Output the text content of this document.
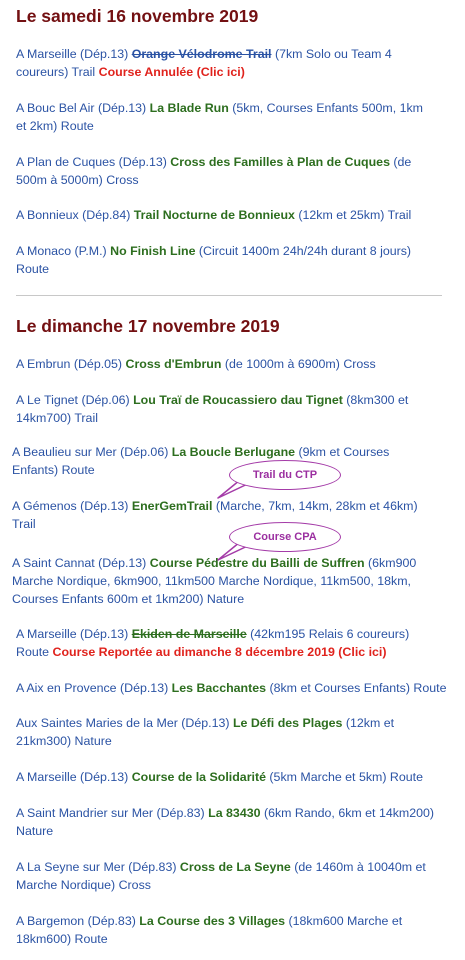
Le samedi 16 novembre 2019

A Marseille (Dép.13) Orange Vélodrome Trail (7km Solo ou Team 4 coureurs) Trail Course Annulée (Clic ici)

A Bouc Bel Air (Dép.13) La Blade Run (5km, Courses Enfants 500m, 1km et 2km) Route

A Plan de Cuques (Dép.13) Cross des Familles à Plan de Cuques (de 500m à 5000m) Cross

A Bonnieux (Dép.84) Trail Nocturne de Bonnieux (12km et 25km) Trail

A Monaco (P.M.) No Finish Line (Circuit 1400m 24h/24h durant 8 jours) Route

Le dimanche 17 novembre 2019

A Embrun (Dép.05) Cross d'Embrun (de 1000m à 6900m) Cross

A Le Tignet (Dép.06) Lou Traï de Roucassiero dau Tignet (8km300 et 14km700) Trail

A Beaulieu sur Mer (Dép.06) La Boucle Berlugane (9km et Courses Enfants) Route

A Gémenos (Dép.13) EnerGemTrail (Marche, 7km, 14km, 28km et 46km) Trail

A Saint Cannat (Dép.13) Course Pédestre du Bailli de Suffren (6km900 Marche Nordique, 6km900, 11km500 Marche Nordique, 11km500, 18km, Courses Enfants 600m et 1km200) Nature

A Marseille (Dép.13) Ekiden de Marseille (42km195 Relais 6 coureurs) Route Course Reportée au dimanche 8 décembre 2019 (Clic ici)

A Aix en Provence (Dép.13) Les Bacchantes (8km et Courses Enfants) Route

Aux Saintes Maries de la Mer (Dép.13) Le Défi des Plages (12km et 21km300) Nature

A Marseille (Dép.13) Course de la Solidarité (5km Marche et 5km) Route

A Saint Mandrier sur Mer (Dép.83) La 83430 (6km Rando, 6km et 14km200) Nature

A La Seyne sur Mer (Dép.83) Cross de La Seyne (de 1460m à 10040m et Marche Nordique) Cross

A Bargemon (Dép.83) La Course des 3 Villages (18km600 Marche et 18km600) Route

Trail du CTP
Course CPA
